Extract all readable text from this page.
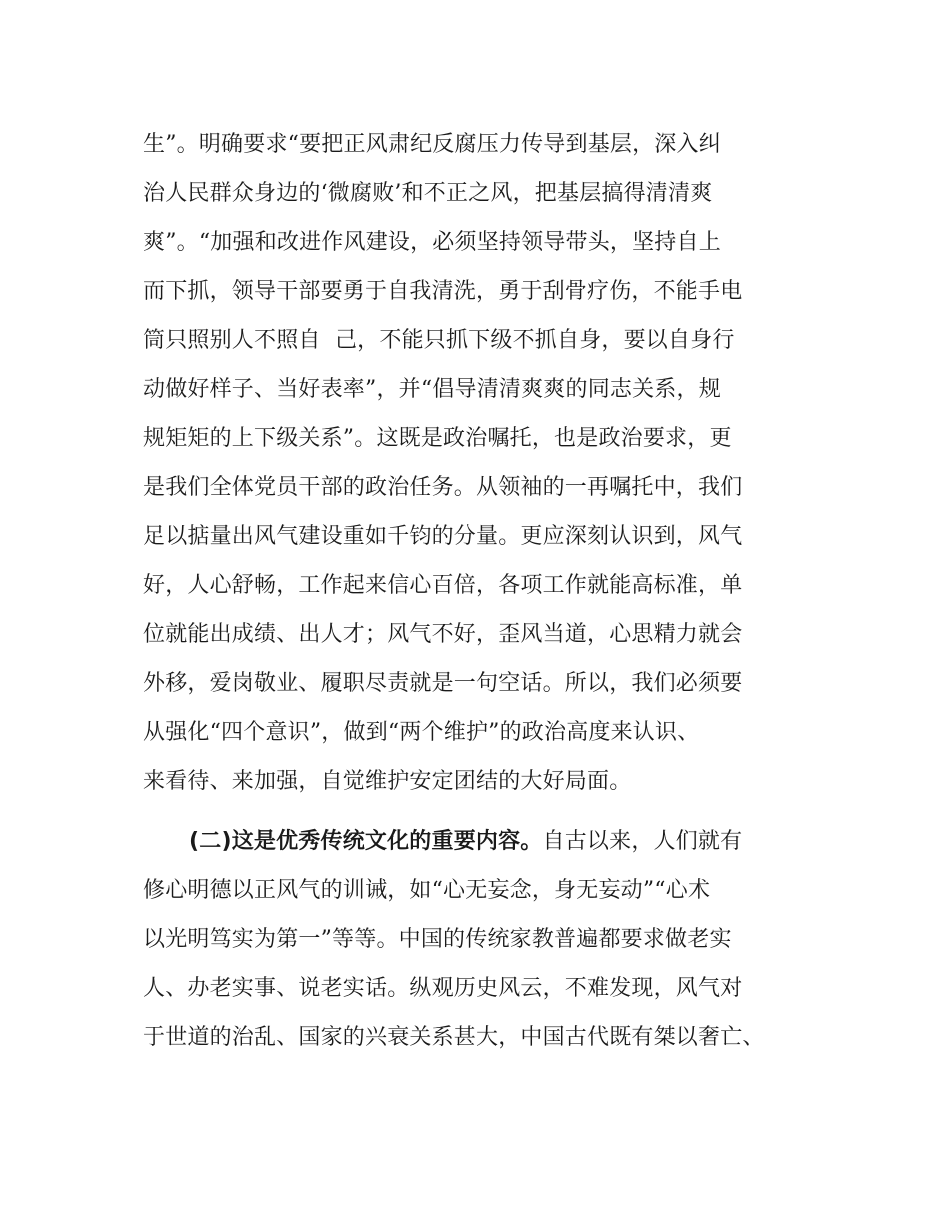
生”。明确要求“要把正风肃纪反腐压力传导到基层，深入纠
治人民群众身边的‘微腐败’和不正之风，把基层搞得清清爽
爽”。“加强和改进作风建设，必须坚持领导带头，坚持自上
而下抓，领导干部要勇于自我清洗，勇于刮骨疗伤，不能手电
筒只照别人不照自  己，不能只抓下级不抓自身，要以自身行
动做好样子、当好表率”，并“倡导清清爽爽的同志关系，规
规矩矩的上下级关系”。这既是政治嘱托，也是政治要求，更
是我们全体党员干部的政治任务。从领袖的一再嘱托中，我们
足以掂量出风气建设重如千钧的分量。更应深刻认识到，风气
好，人心舒畅，工作起来信心百倍，各项工作就能高标准，单
位就能出成绩、出人才；风气不好，歪风当道，心思精力就会
外移，爱岗敬业、履职尽责就是一句空话。所以，我们必须要
从强化“四个意识”，做到“两个维护”的政治高度来认识、
来看待、来加强，自觉维护安定团结的大好局面。
(二)这是优秀传统文化的重要内容。自古以来，人们就有
修心明德以正风气的训诫，如“心无妄念，身无妄动”“心术
以光明笃实为第一”等等。中国的传统家教普遍都要求做老实
人、办老实事、说老实话。纵观历史风云，不难发现，风气对
于世道的治乱、国家的兴衰关系甚大，中国古代既有桀以奢亡、
